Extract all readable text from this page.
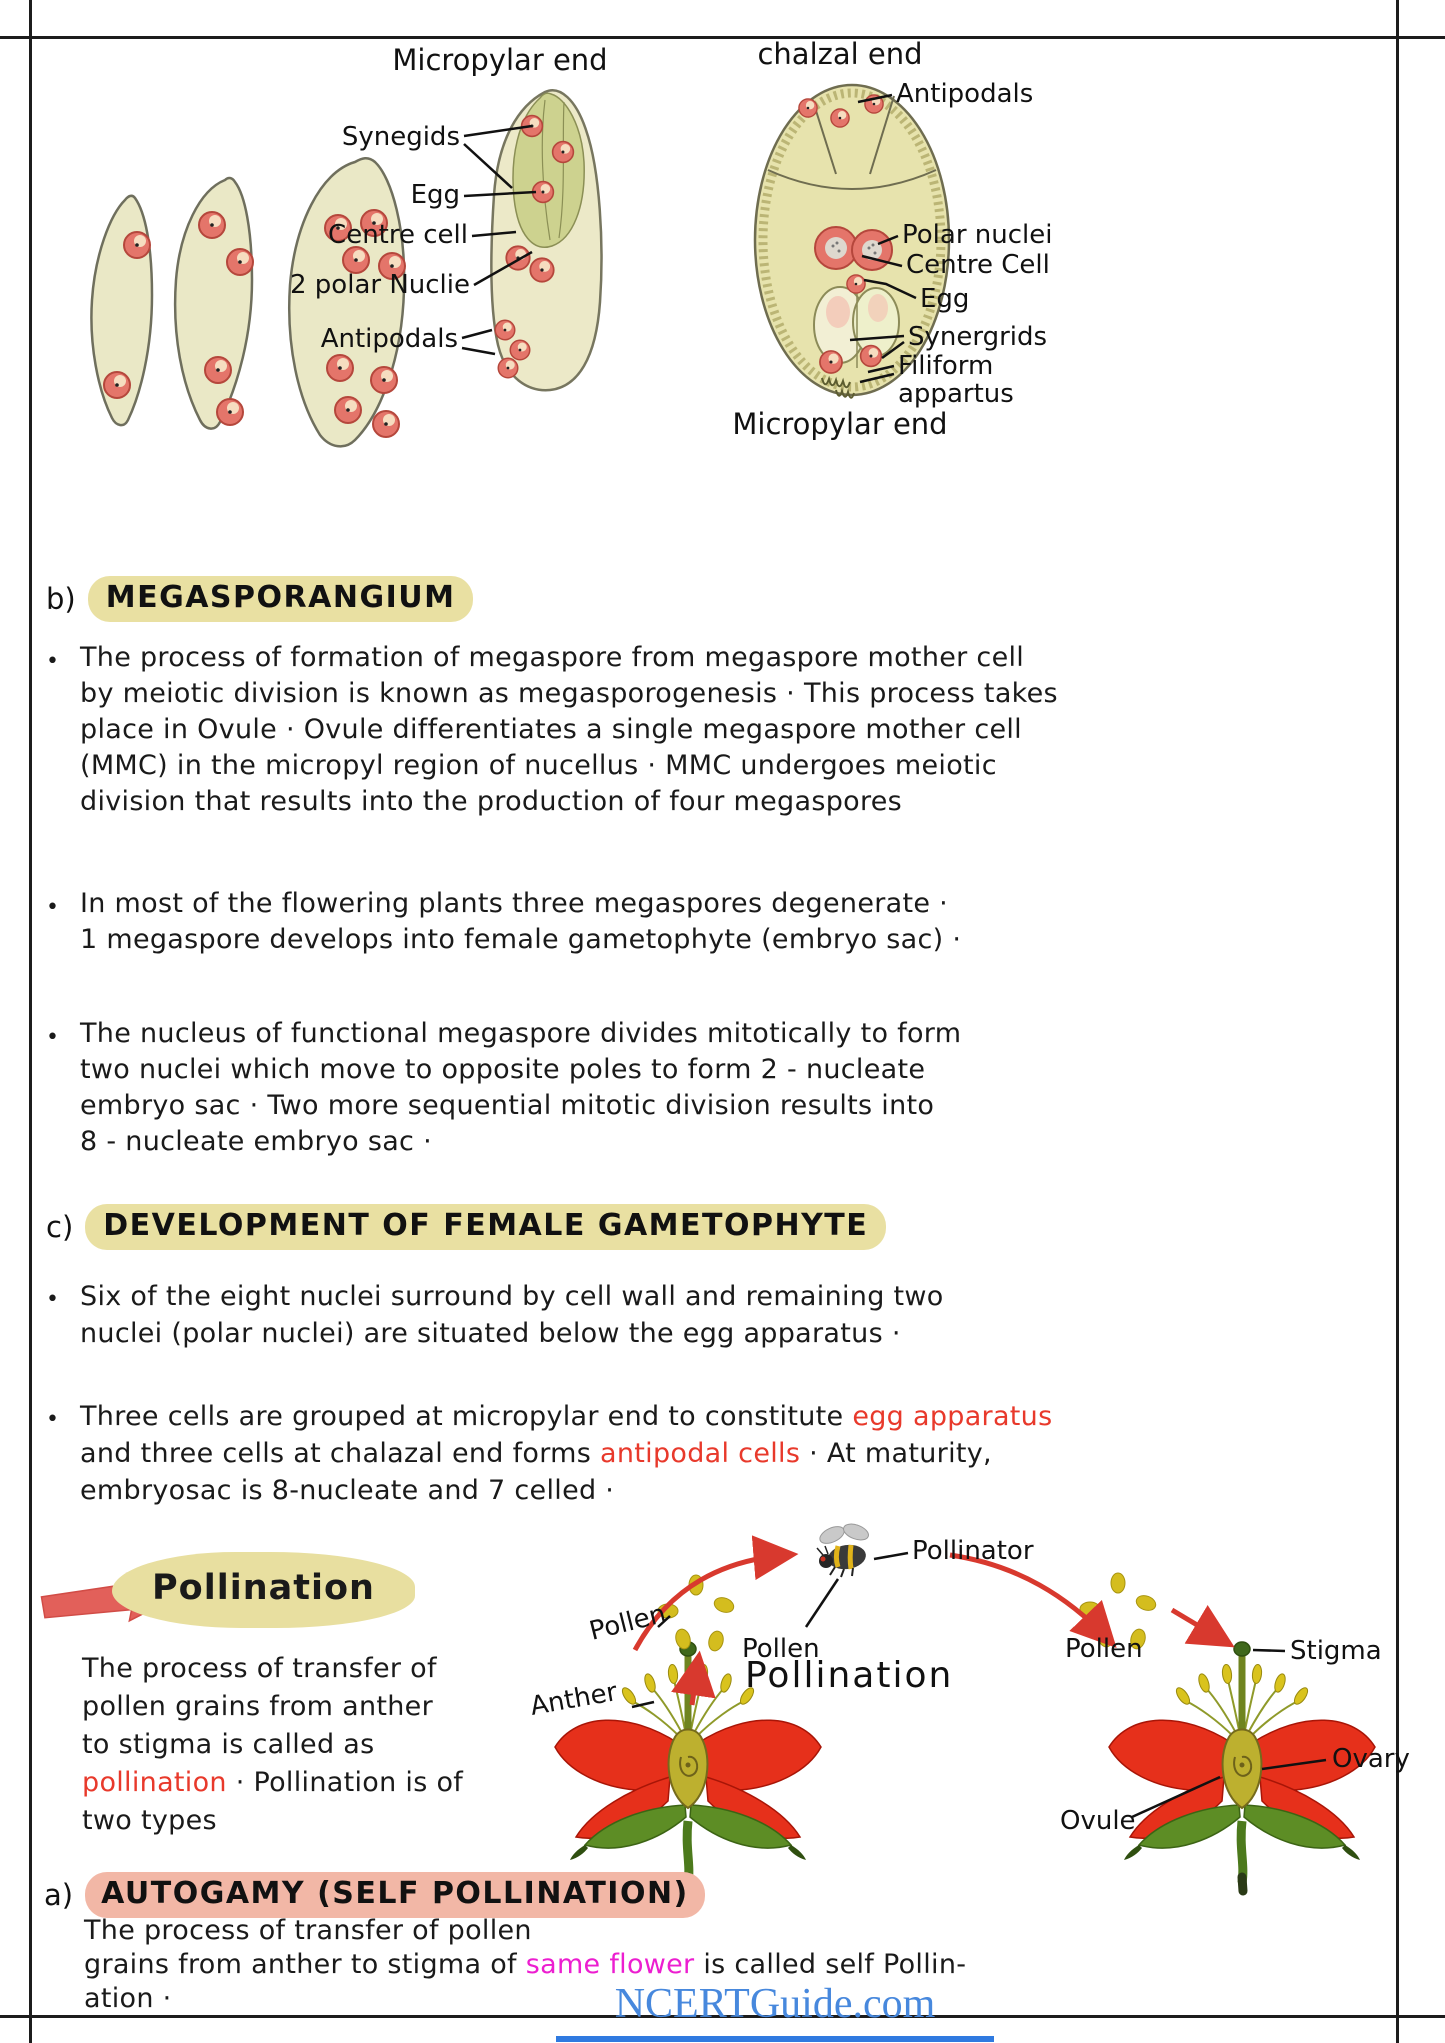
Micropylar end
Synegids
Egg
Centre cell
2 polar Nuclie
Antipodals
chalzal end
Antipodals
Polar nuclei
Centre Cell
Egg
Synergrids
Filiform
appartus
Micropylar end
b)	MEGASPORANGIUM
• The process of formation of megaspore from megaspore mother cell
by meiotic division is known as megasporogenesis · This process takes
place in Ovule · Ovule differentiates a single megaspore mother cell
(MMC) in the micropyl region of nucellus · MMC undergoes meiotic
division that results into the production of four megaspores
• In most of the flowering plants three megaspores degenerate ·
1 megaspore develops into female gametophyte (embryo sac) ·
• The nucleus of functional megaspore divides mitotically to form
two nuclei which move to opposite poles to form 2 - nucleate
embryo sac · Two more sequential mitotic division results into
8 - nucleate embryo sac ·
c)	DEVELOPMENT OF FEMALE GAMETOPHYTE
• Six of the eight nuclei surround by cell wall and remaining two
nuclei (polar nuclei) are situated below the egg apparatus ·
• Three cells are grouped at micropylar end to constitute egg apparatus
and three cells at chalazal end forms antipodal cells · At maturity,
embryosac is 8-nucleate and 7 celled ·
Pollination
The process of transfer of
pollen grains from anther
to stigma is called as
pollination · Pollination is of
two types
Pollen
Pollen
Pollinator
Pollen
Pollination
Anther
Stigma
Ovary
Ovule
a) AUTOGAMY (SELF POLLINATION)
The process of transfer of pollen
grains from anther to stigma of same flower is called self Pollin-
ation ·	NCERTGuide.com
